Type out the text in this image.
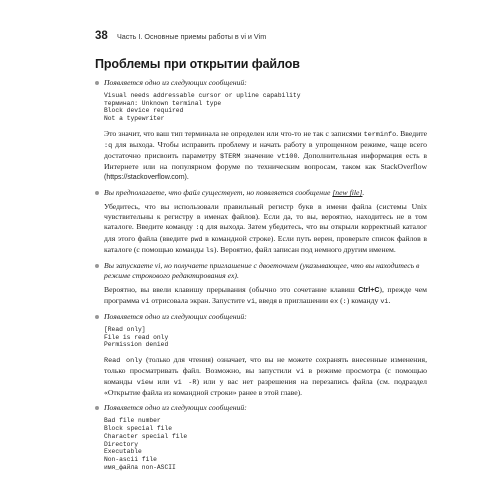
38	Часть I. Основные приемы работы в vi и Vim
Проблемы при открытии файлов

Появляется одно из следующих сообщений:

Visual needs addressable cursor or upline capability
терминал: Unknown terminal type
Block device required
Not a typewriter

Это значит, что ваш тип терминала не определен или что-то не так с записями terminfo. Введите :q для выхода. Чтобы исправить проблему и начать работу в упрощенном режиме, чаще всего достаточно присвоить параметру $TERM значение vt100. Дополнительная информация есть в Интернете или на популярном форуме по техническим вопросам, таком как StackOverflow (https://stackoverflow.com).

Вы предполагаете, что файл существует, но появляется сообщение [new file].

Убедитесь, что вы использовали правильный регистр букв в имени файла (системы Unix чувствительны к регистру в именах файлов). Если да, то вы, вероятно, находитесь не в том каталоге. Введите команду :q для выхода. Затем убедитесь, что вы открыли корректный каталог для этого файла (введите pwd в командной строке). Если путь верен, проверьте список файлов в каталоге (с помощью команды ls). Вероятно, файл записан под немного другим именем.

Вы запускаете vi, но получаете приглашение с двоеточием (указывающее, что вы находитесь в режиме строкового редактирования ex).

Вероятно, вы ввели клавишу прерывания (обычно это сочетание клавиш Ctrl+C), прежде чем программа vi отрисовала экран. Запустите vi, введя в приглашении ex (:) команду vi.

Появляется одно из следующих сообщений:

[Read only]
File is read only
Permission denied

Read only (только для чтения) означает, что вы не можете сохранять внесенные изменения, только просматривать файл. Возможно, вы запустили vi в режиме просмотра (с помощью команды view или vi -R) или у вас нет разрешения на перезапись файла (см. подраздел «Открытие файла из командной строки» ранее в этой главе).

Появляется одно из следующих сообщений:

Bad file number
Block special file
Character special file
Directory
Executable
Non-ascii file
имя_файла non-ASCII
